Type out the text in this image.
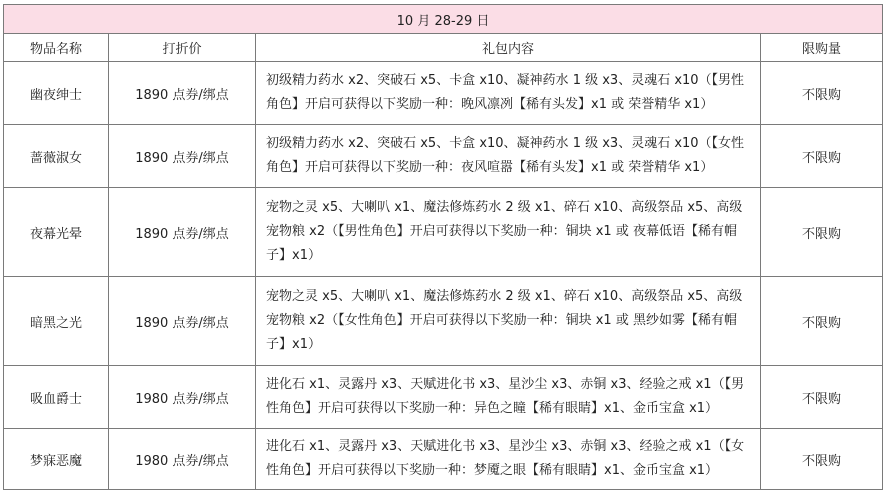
10 月 28-29 日			
物品名称	打折价	礼包内容	限购量
幽夜绅士	1890 点券/绑点	初级精力药水 x2、突破石 x5、卡盒 x10、凝神药水 1 级 x3、灵魂石 x10（【男性角色】开启可获得以下奖励一种：晚风凛冽【稀有头发】x1 或 荣誉精华 x1）	不限购
蔷薇淑女	1890 点券/绑点	初级精力药水 x2、突破石 x5、卡盒 x10、凝神药水 1 级 x3、灵魂石 x10（【女性角色】开启可获得以下奖励一种：夜风喧嚣【稀有头发】x1 或 荣誉精华 x1）	不限购
夜幕光晕	1890 点券/绑点	宠物之灵 x5、大喇叭 x1、魔法修炼药水 2 级 x1、碎石 x10、高级祭品 x5、高级宠物粮 x2（【男性角色】开启可获得以下奖励一种：铜块 x1 或 夜幕低语【稀有帽子】x1）	不限购
暗黑之光	1890 点券/绑点	宠物之灵 x5、大喇叭 x1、魔法修炼药水 2 级 x1、碎石 x10、高级祭品 x5、高级宠物粮 x2（【女性角色】开启可获得以下奖励一种：铜块 x1 或 黑纱如雾【稀有帽子】x1）	不限购
吸血爵士	1980 点券/绑点	进化石 x1、灵露丹 x3、天赋进化书 x3、星沙尘 x3、赤铜 x3、经验之戒 x1（【男性角色】开启可获得以下奖励一种：异色之瞳【稀有眼睛】x1、金币宝盒 x1）	不限购
梦寐恶魔	1980 点券/绑点	进化石 x1、灵露丹 x3、天赋进化书 x3、星沙尘 x3、赤铜 x3、经验之戒 x1（【女性角色】开启可获得以下奖励一种：梦魇之眼【稀有眼睛】x1、金币宝盒 x1）	不限购
